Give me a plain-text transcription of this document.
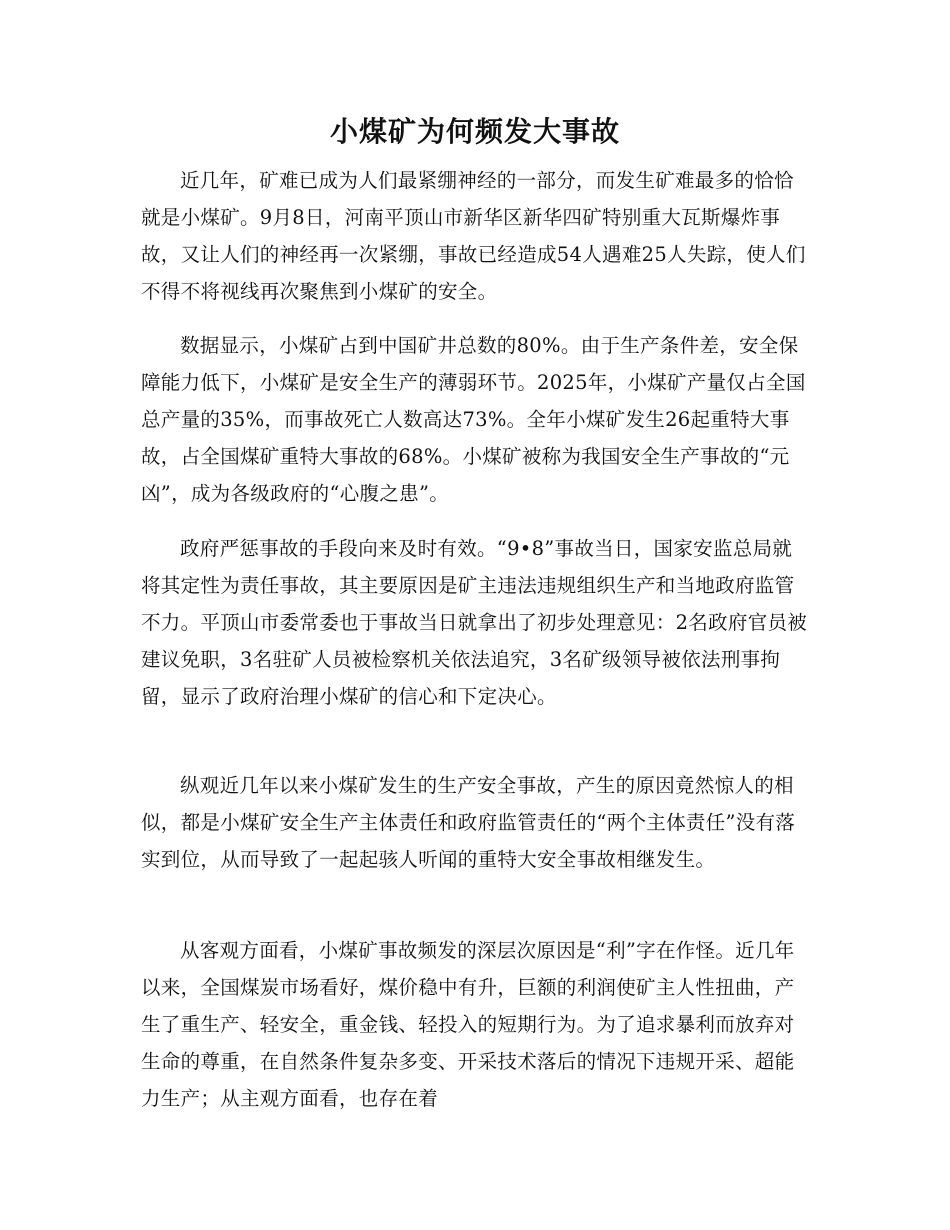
小煤矿为何频发大事故

近几年，矿难已成为人们最紧绷神经的一部分，而发生矿难最多的恰恰就是小煤矿。9月8日，河南平顶山市新华区新华四矿特别重大瓦斯爆炸事故，又让人们的神经再一次紧绷，事故已经造成54人遇难25人失踪，使人们不得不将视线再次聚焦到小煤矿的安全。

数据显示，小煤矿占到中国矿井总数的80%。由于生产条件差，安全保障能力低下，小煤矿是安全生产的薄弱环节。2025年，小煤矿产量仅占全国总产量的35%，而事故死亡人数高达73%。全年小煤矿发生26起重特大事故，占全国煤矿重特大事故的68%。小煤矿被称为我国安全生产事故的“元凶”，成为各级政府的“心腹之患”。

政府严惩事故的手段向来及时有效。“9•8”事故当日，国家安监总局就将其定性为责任事故，其主要原因是矿主违法违规组织生产和当地政府监管不力。平顶山市委常委也于事故当日就拿出了初步处理意见：2名政府官员被建议免职，3名驻矿人员被检察机关依法追究，3名矿级领导被依法刑事拘留，显示了政府治理小煤矿的信心和下定决心。

纵观近几年以来小煤矿发生的生产安全事故，产生的原因竟然惊人的相似，都是小煤矿安全生产主体责任和政府监管责任的“两个主体责任”没有落实到位，从而导致了一起起骇人听闻的重特大安全事故相继发生。

从客观方面看，小煤矿事故频发的深层次原因是“利”字在作怪。近几年以来，全国煤炭市场看好，煤价稳中有升，巨额的利润使矿主人性扭曲，产生了重生产、轻安全，重金钱、轻投入的短期行为。为了追求暴利而放弃对生命的尊重，在自然条件复杂多变、开采技术落后的情况下违规开采、超能力生产；从主观方面看，也存在着
